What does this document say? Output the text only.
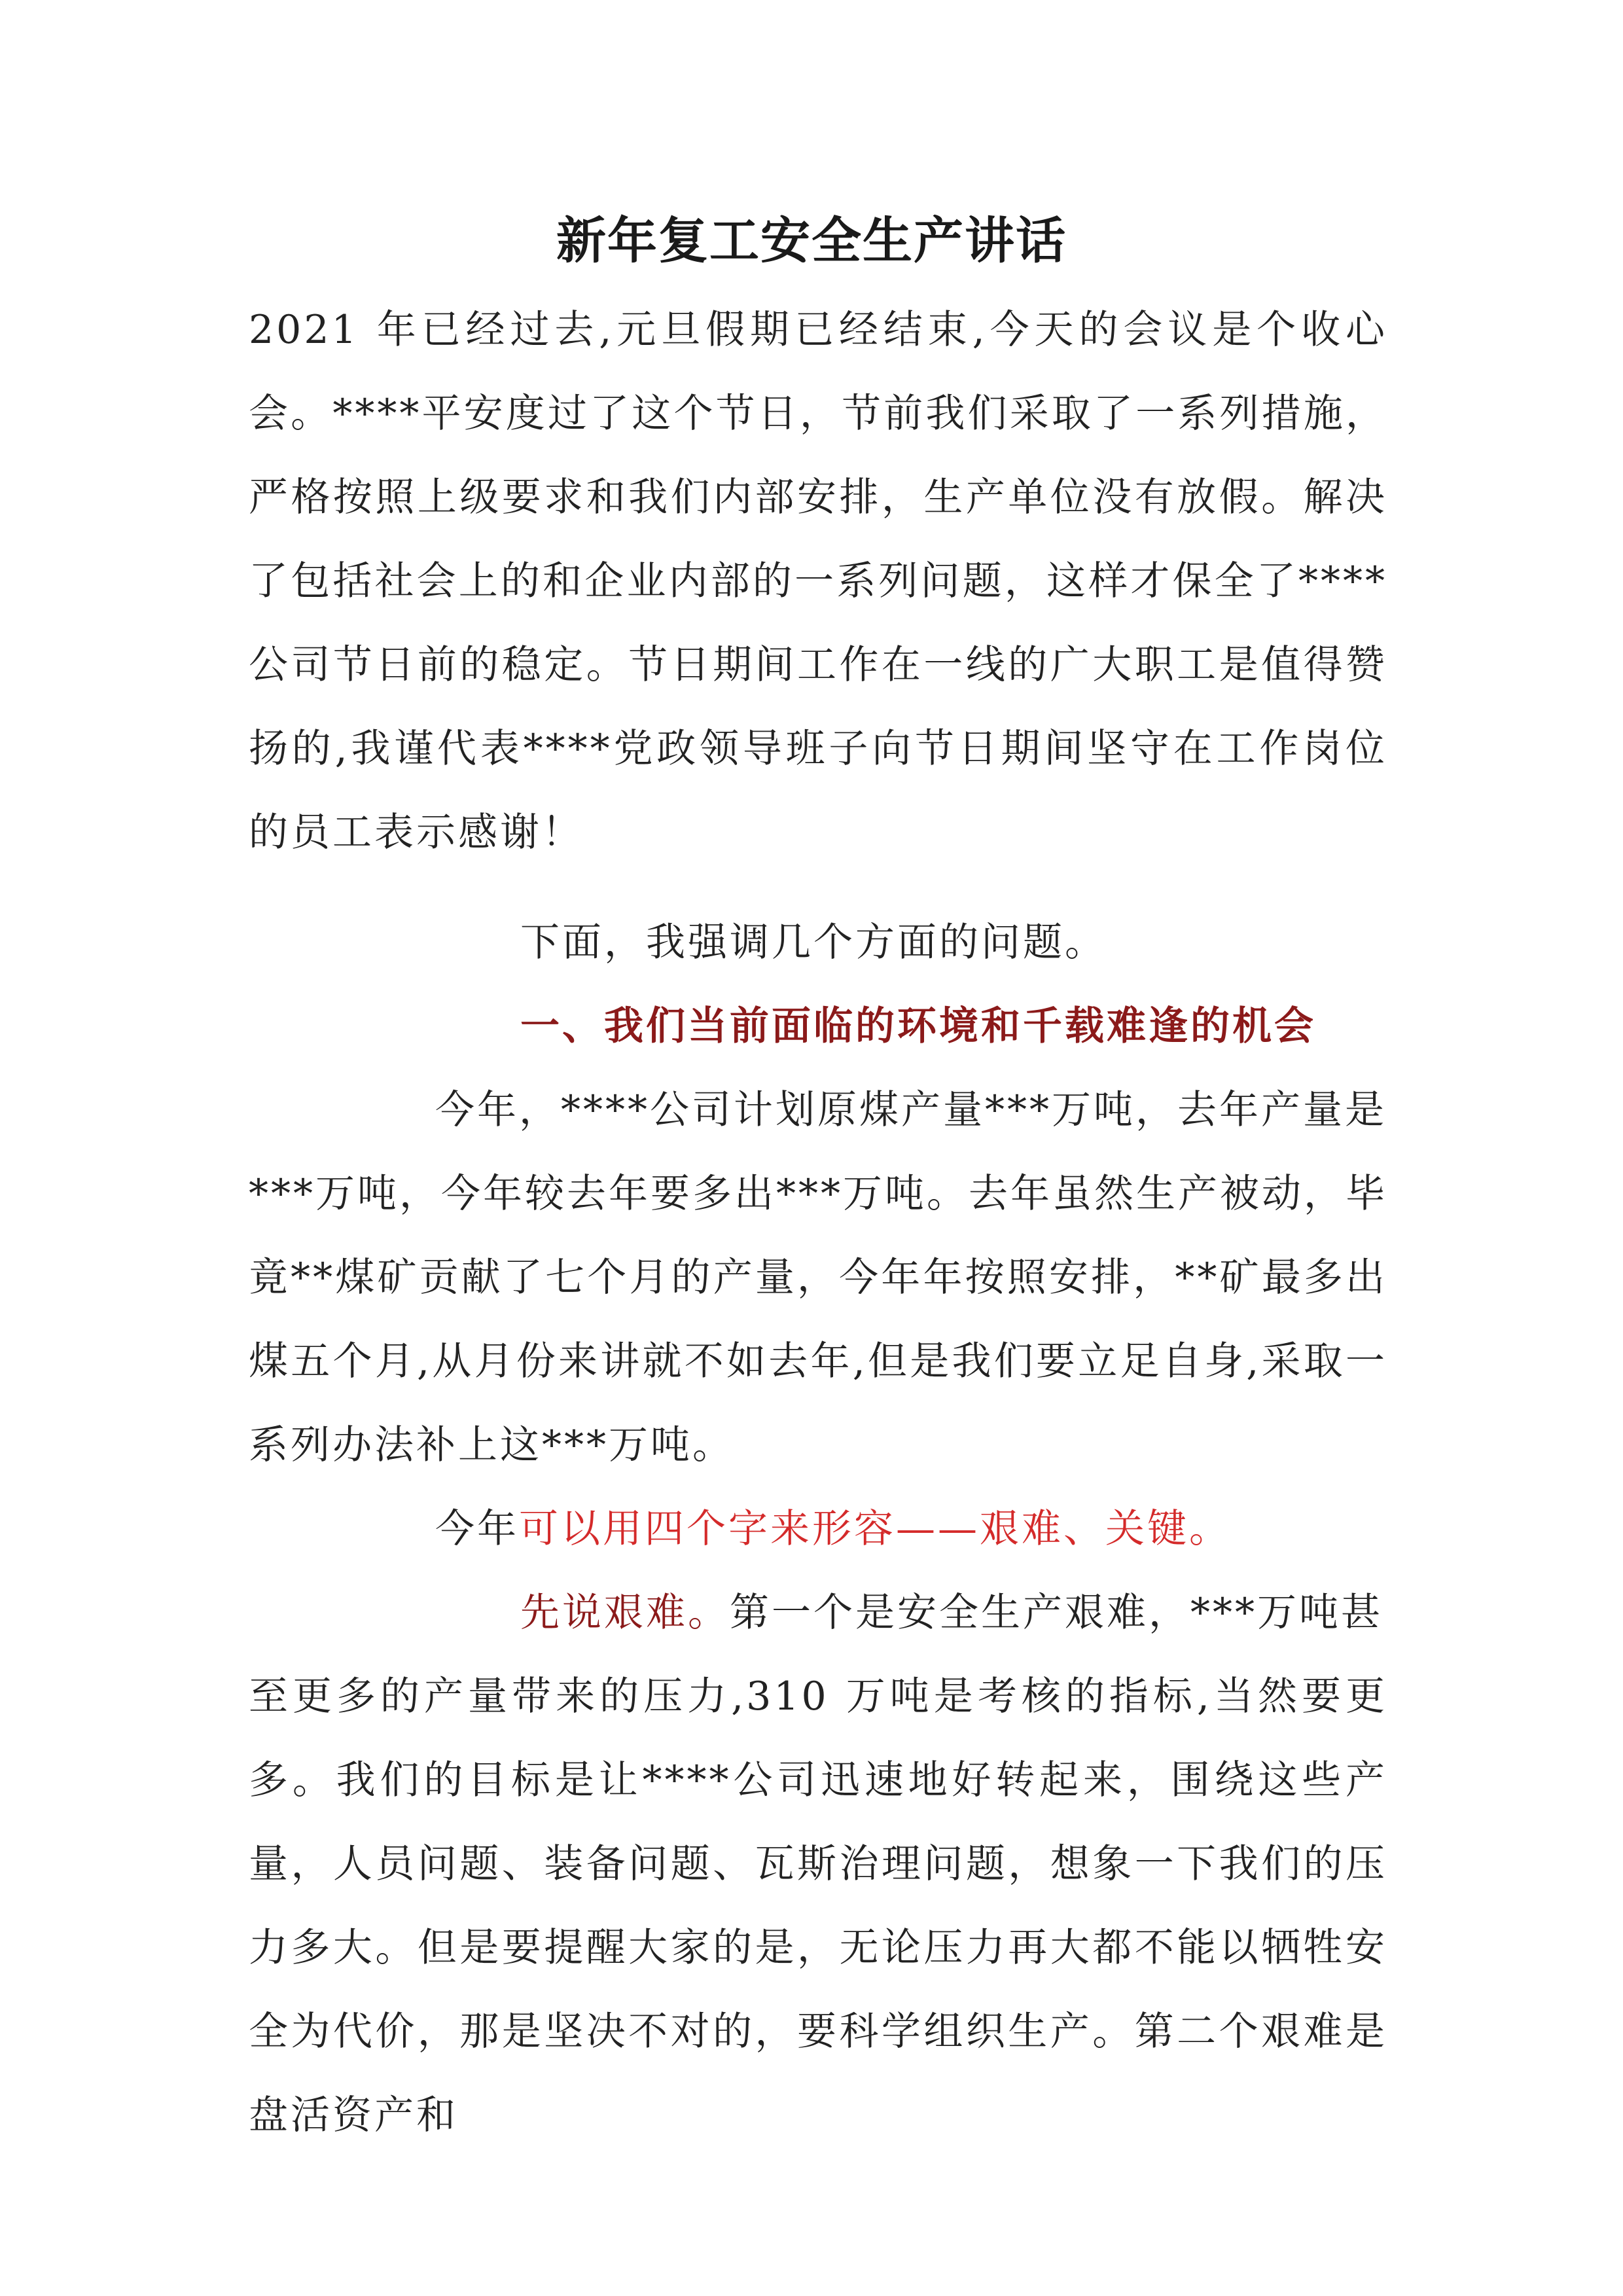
新年复工安全生产讲话
2021 年已经过去,元旦假期已经结束,今天的会议是个收心会。****平安度过了这个节日，节前我们采取了一系列措施，严格按照上级要求和我们内部安排，生产单位没有放假。解决了包括社会上的和企业内部的一系列问题，这样才保全了****公司节日前的稳定。节日期间工作在一线的广大职工是值得赞扬的,我谨代表****党政领导班子向节日期间坚守在工作岗位的员工表示感谢！
下面，我强调几个方面的问题。
一、我们当前面临的环境和千载难逢的机会
今年，****公司计划原煤产量***万吨，去年产量是
***万吨，今年较去年要多出***万吨。去年虽然生产被动，毕竟**煤矿贡献了七个月的产量，今年年按照安排，**矿最多出煤五个月,从月份来讲就不如去年,但是我们要立足自身,采取一系列办法补上这***万吨。
今年可以用四个字来形容——艰难、关键。
先说艰难。第一个是安全生产艰难，***万吨甚
至更多的产量带来的压力,310 万吨是考核的指标,当然要更多。我们的目标是让****公司迅速地好转起来，围绕这些产量，人员问题、装备问题、瓦斯治理问题，想象一下我们的压力多大。但是要提醒大家的是，无论压力再大都不能以牺牲安全为代价，那是坚决不对的，要科学组织生产。第二个艰难是盘活资产和
